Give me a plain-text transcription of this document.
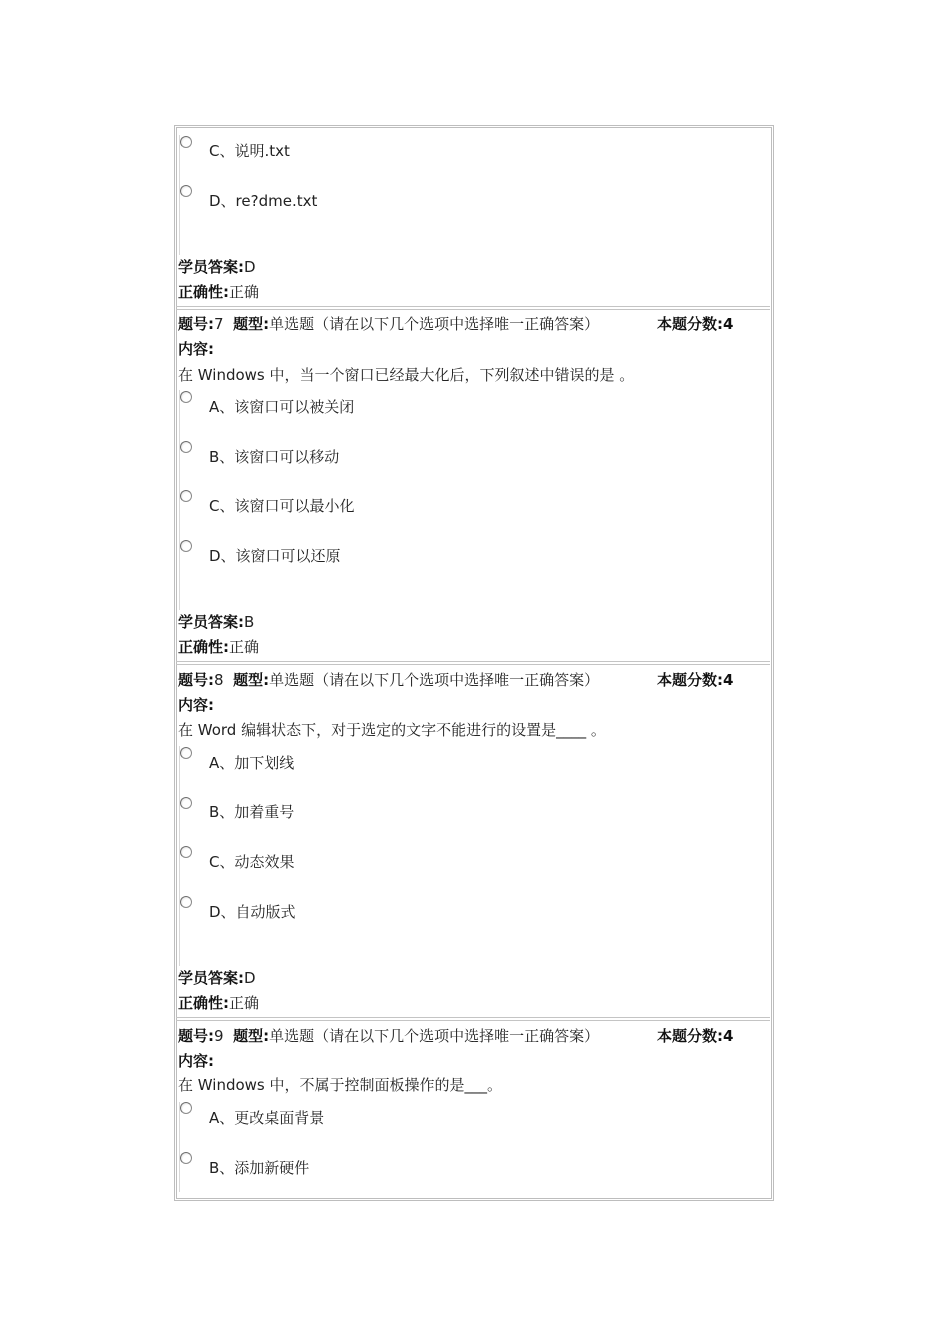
C、说明.txt
D、re?dme.txt
学员答案:D
正确性:正确
题号:7 题型:单选题（请在以下几个选项中选择唯一正确答案）	本题分数:4
内容:
在 Windows 中，当一个窗口已经最大化后，下列叙述中错误的是 。
A、该窗口可以被关闭
B、该窗口可以移动
C、该窗口可以最小化
D、该窗口可以还原
学员答案:B
正确性:正确
题号:8 题型:单选题（请在以下几个选项中选择唯一正确答案）	本题分数:4
内容:
在 Word 编辑状态下，对于选定的文字不能进行的设置是____ 。
A、加下划线
B、加着重号
C、动态效果
D、自动版式
学员答案:D
正确性:正确
题号:9 题型:单选题（请在以下几个选项中选择唯一正确答案）	本题分数:4
内容:
在 Windows 中，不属于控制面板操作的是___。
A、更改桌面背景
B、添加新硬件
